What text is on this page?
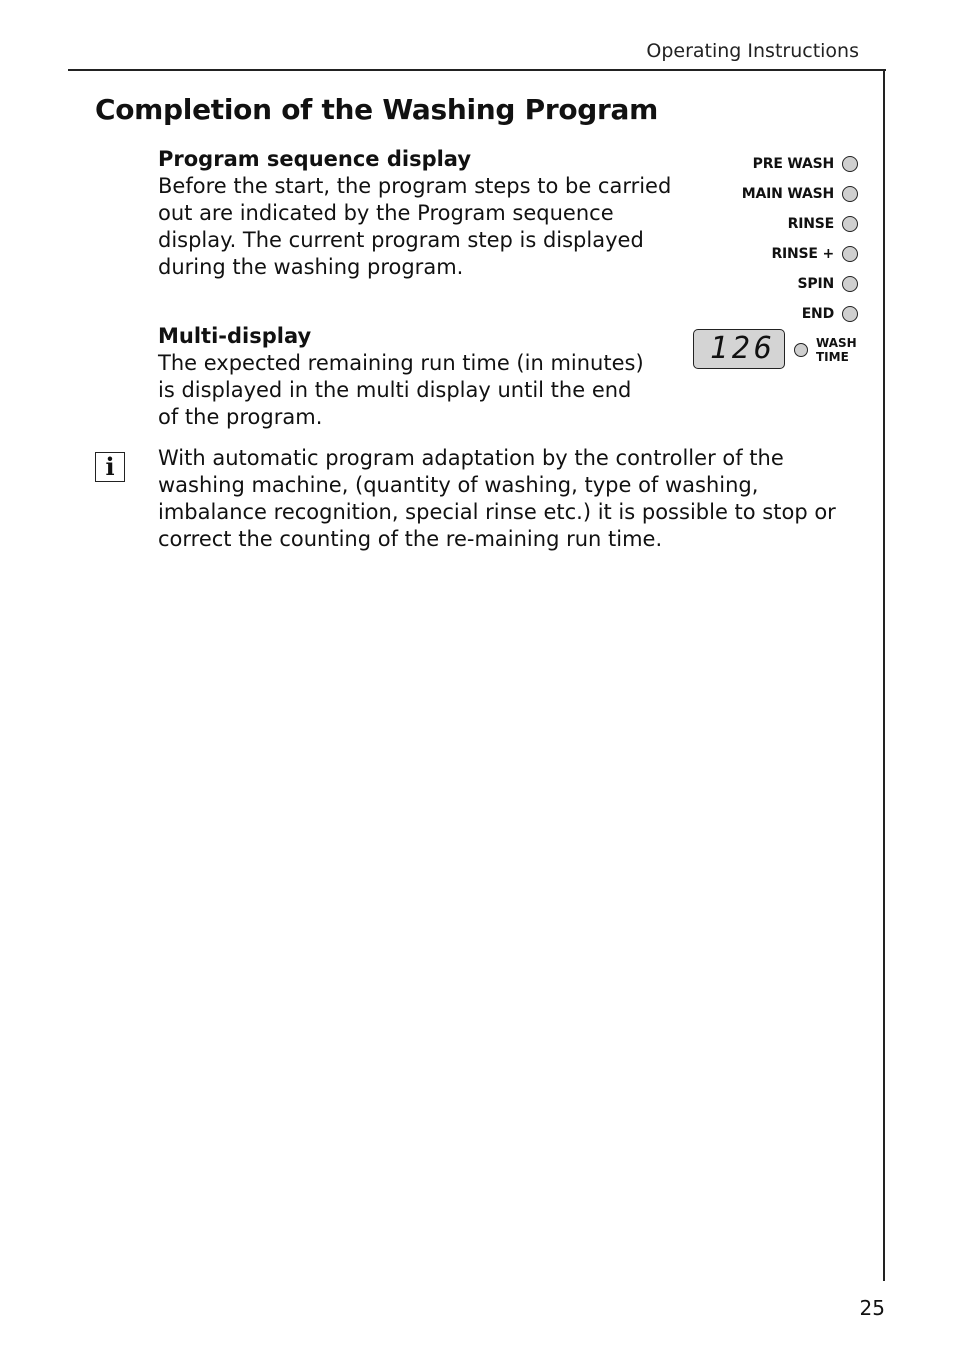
Operating Instructions
Completion of the Washing Program
Program sequence display

Before the start, the program steps to be carried out are indicated by the Program sequence display. The current program step is displayed during the washing program.

PRE WASH
MAIN WASH
RINSE
RINSE +
SPIN
END
Multi-display

The expected remaining run time (in minutes) is displayed in the multi display until the end of the program.

126	WASH
TIME
i	With automatic program adaptation by the controller of the washing machine, (quantity of washing, type of washing, imbalance recognition, special rinse etc.) it is possible to stop or correct the counting of the re-maining run time.

25
